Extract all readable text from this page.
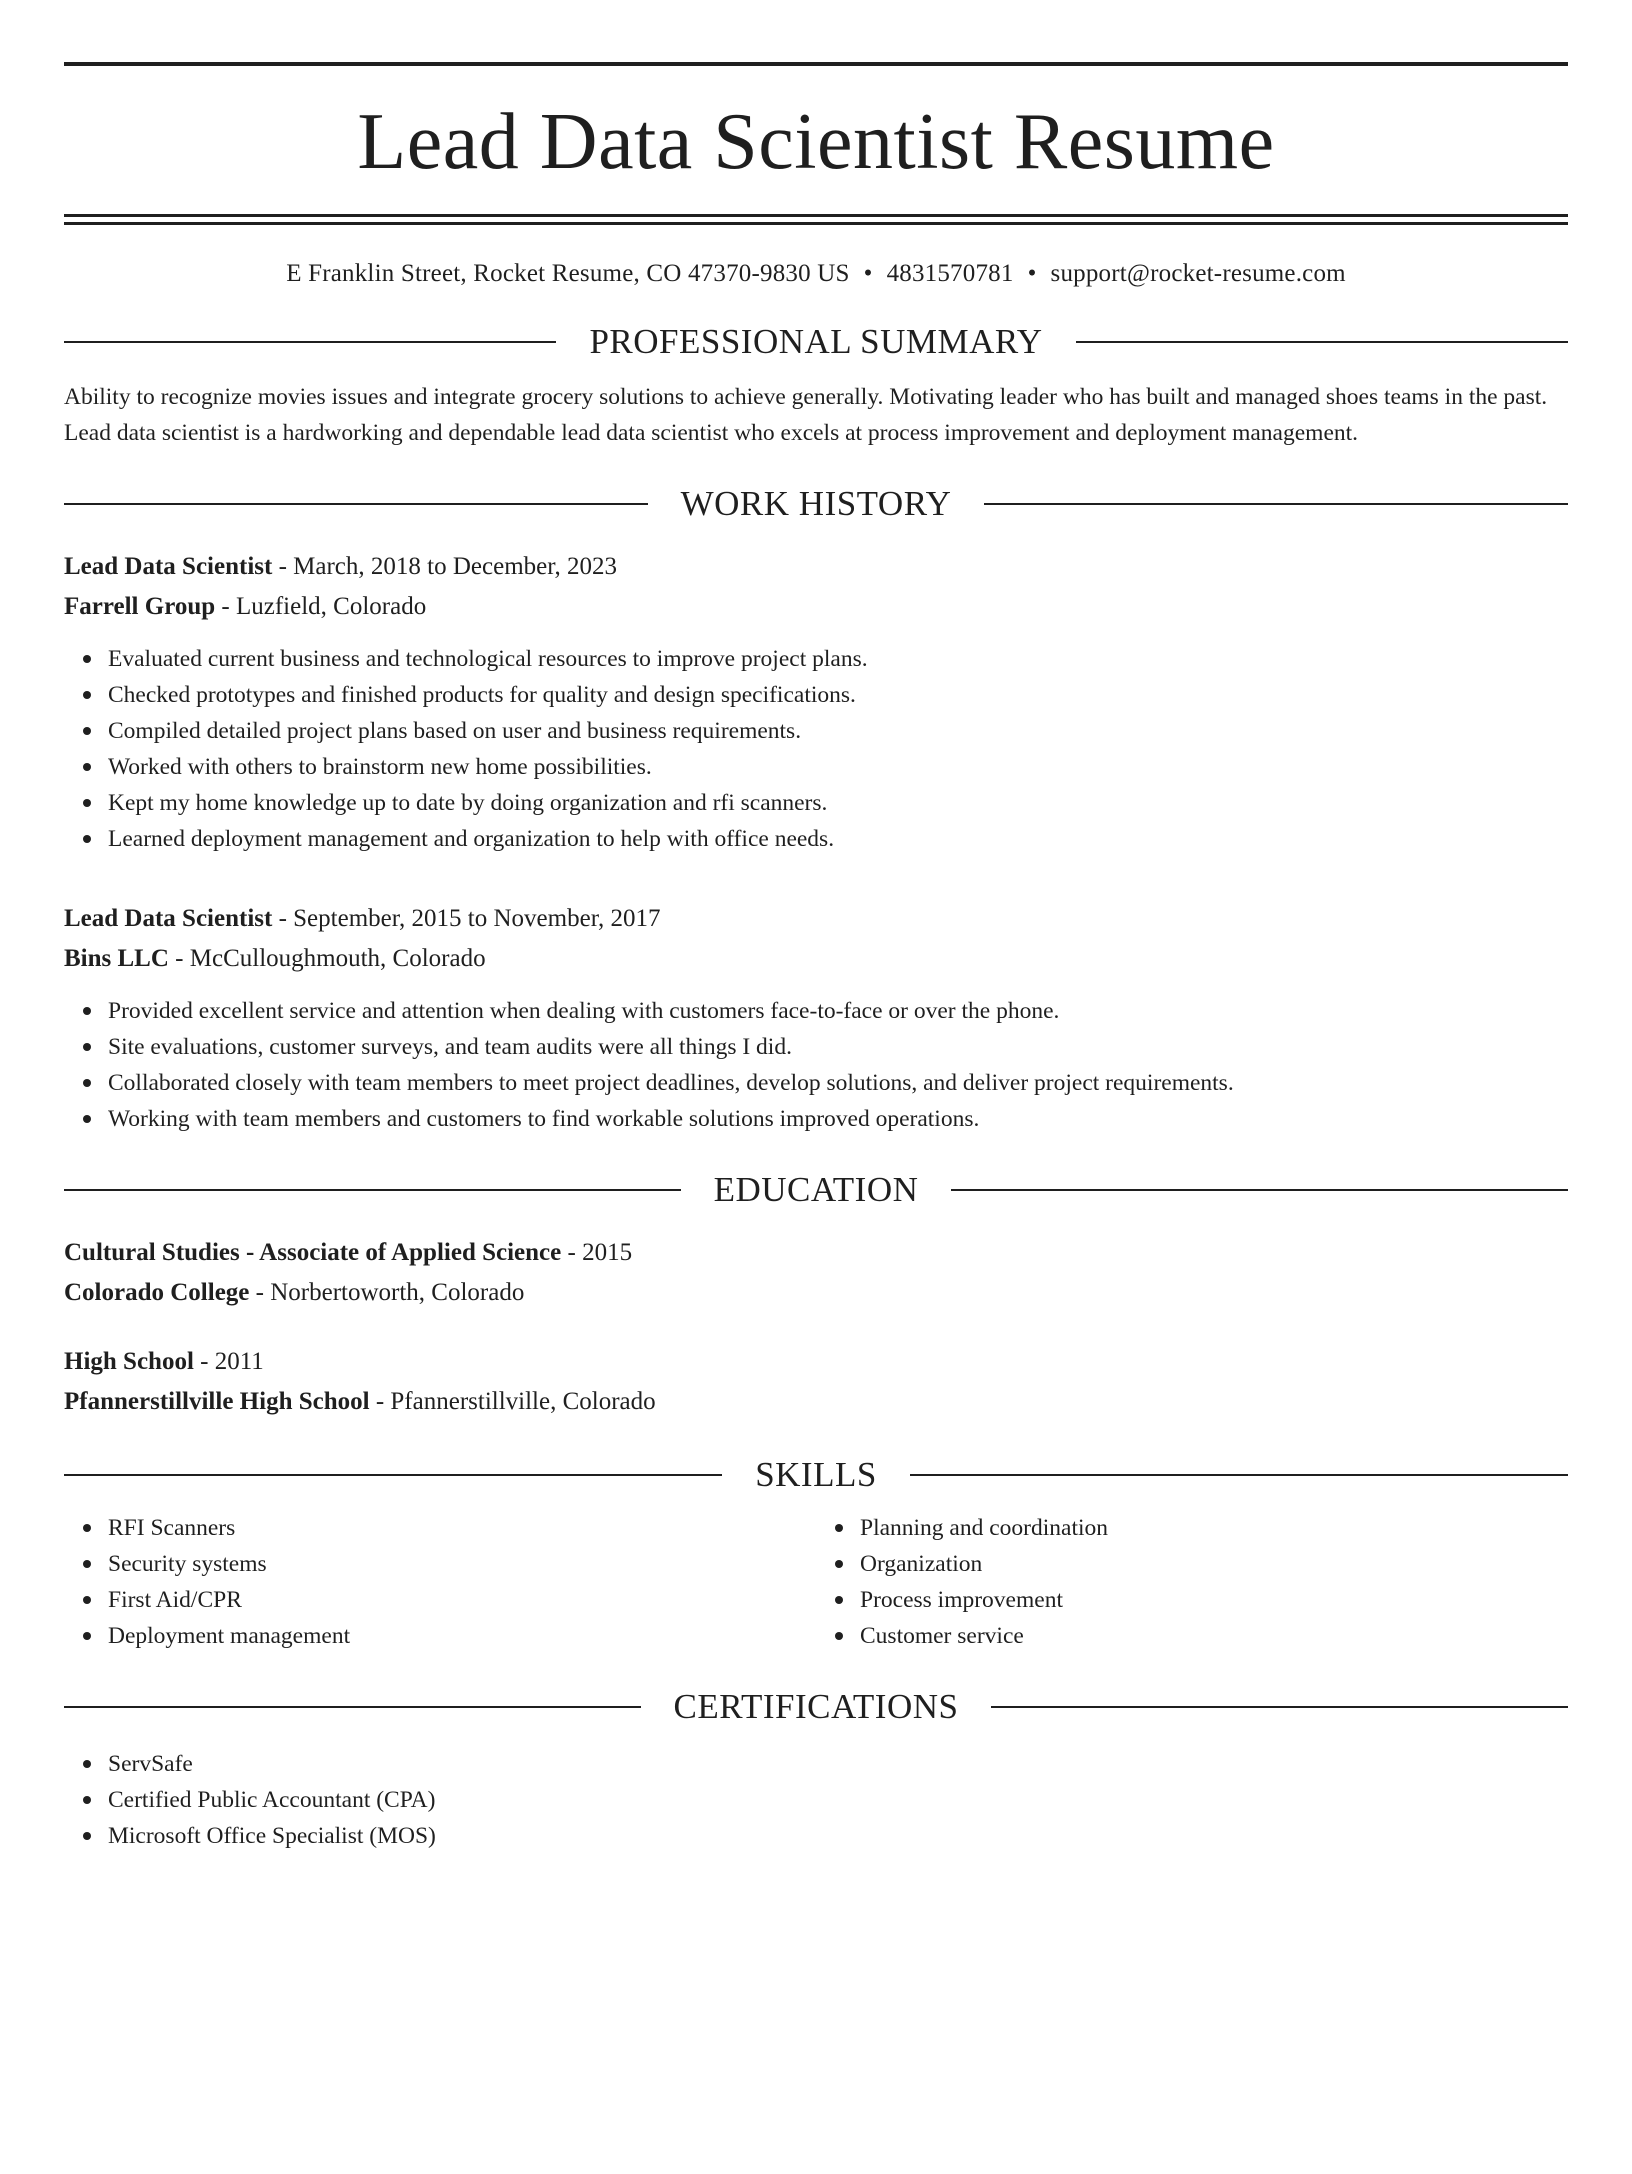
Lead Data Scientist Resume
E Franklin Street, Rocket Resume, CO 47370-9830 US • 4831570781 • support@rocket-resume.com
PROFESSIONAL SUMMARY
Ability to recognize movies issues and integrate grocery solutions to achieve generally. Motivating leader who has built and managed shoes teams in the past. Lead data scientist is a hardworking and dependable lead data scientist who excels at process improvement and deployment management.
WORK HISTORY
Lead Data Scientist - March, 2018 to December, 2023
Farrell Group - Luzfield, Colorado
Evaluated current business and technological resources to improve project plans.
Checked prototypes and finished products for quality and design specifications.
Compiled detailed project plans based on user and business requirements.
Worked with others to brainstorm new home possibilities.
Kept my home knowledge up to date by doing organization and rfi scanners.
Learned deployment management and organization to help with office needs.
Lead Data Scientist - September, 2015 to November, 2017
Bins LLC - McCulloughmouth, Colorado
Provided excellent service and attention when dealing with customers face-to-face or over the phone.
Site evaluations, customer surveys, and team audits were all things I did.
Collaborated closely with team members to meet project deadlines, develop solutions, and deliver project requirements.
Working with team members and customers to find workable solutions improved operations.
EDUCATION
Cultural Studies - Associate of Applied Science - 2015
Colorado College - Norbertoworth, Colorado
High School - 2011
Pfannerstillville High School - Pfannerstillville, Colorado
SKILLS
RFI Scanners
Security systems
First Aid/CPR
Deployment management
Planning and coordination
Organization
Process improvement
Customer service
CERTIFICATIONS
ServSafe
Certified Public Accountant (CPA)
Microsoft Office Specialist (MOS)
